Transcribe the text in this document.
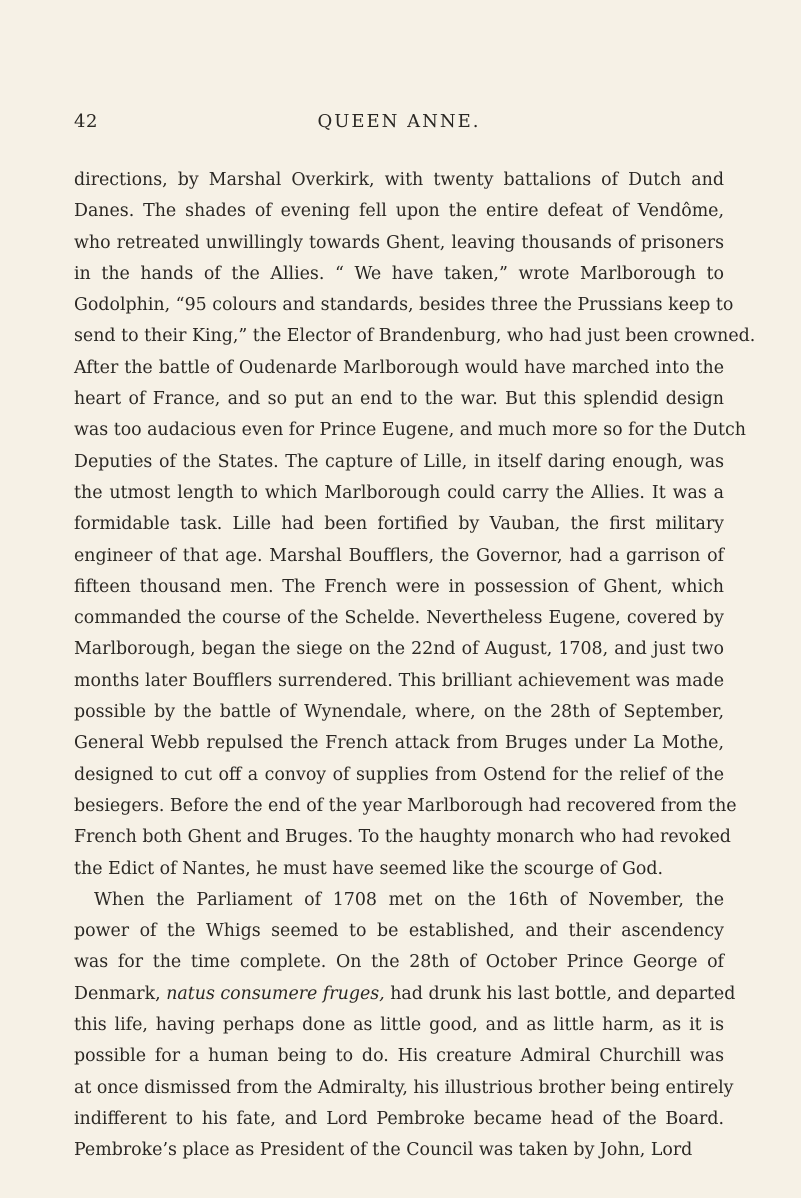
42	QUEEN ANNE.
directions, by Marshal Overkirk, with twenty battalions of Dutch and
Danes. The shades of evening fell upon the entire defeat of Vendôme,
who retreated unwillingly towards Ghent, leaving thousands of prisoners
in the hands of the Allies. “ We have taken,” wrote Marlborough to
Godolphin, “95 colours and standards, besides three the Prussians keep to
send to their King,” the Elector of Brandenburg, who had just been crowned.
After the battle of Oudenarde Marlborough would have marched into the
heart of France, and so put an end to the war. But this splendid design
was too audacious even for Prince Eugene, and much more so for the Dutch
Deputies of the States. The capture of Lille, in itself daring enough, was
the utmost length to which Marlborough could carry the Allies. It was a
formidable task. Lille had been fortified by Vauban, the first military
engineer of that age. Marshal Boufflers, the Governor, had a garrison of
fifteen thousand men. The French were in possession of Ghent, which
commanded the course of the Schelde. Nevertheless Eugene, covered by
Marlborough, began the siege on the 22nd of August, 1708, and just two
months later Boufflers surrendered. This brilliant achievement was made
possible by the battle of Wynendale, where, on the 28th of September,
General Webb repulsed the French attack from Bruges under La Mothe,
designed to cut off a convoy of supplies from Ostend for the relief of the
besiegers. Before the end of the year Marlborough had recovered from the
French both Ghent and Bruges. To the haughty monarch who had revoked
the Edict of Nantes, he must have seemed like the scourge of God.
When the Parliament of 1708 met on the 16th of November, the
power of the Whigs seemed to be established, and their ascendency
was for the time complete. On the 28th of October Prince George of
Denmark, natus consumere fruges, had drunk his last bottle, and departed
this life, having perhaps done as little good, and as little harm, as it is
possible for a human being to do. His creature Admiral Churchill was
at once dismissed from the Admiralty, his illustrious brother being entirely
indifferent to his fate, and Lord Pembroke became head of the Board.
Pembroke’s place as President of the Council was taken by John, Lord
